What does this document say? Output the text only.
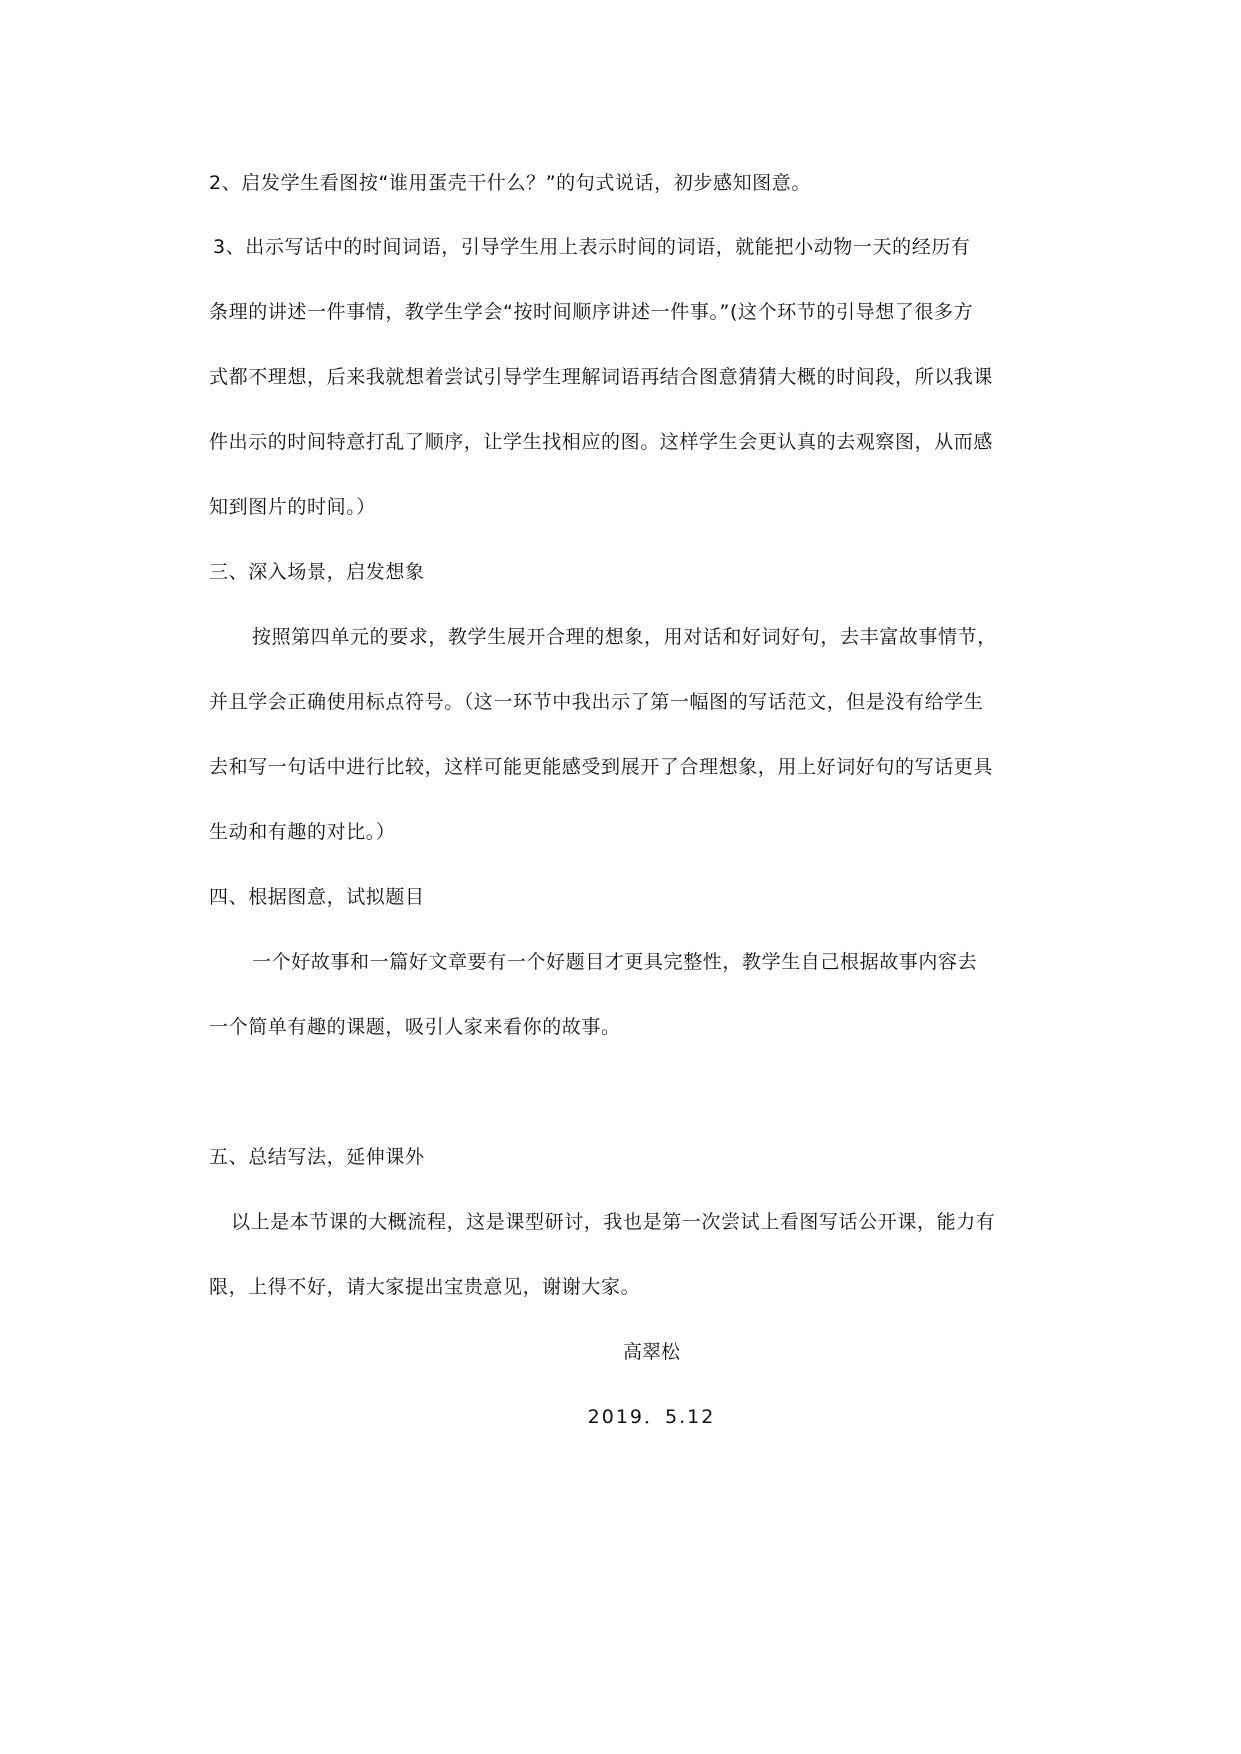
2、启发学生看图按“谁用蛋壳干什么？”的句式说话，初步感知图意。
3、出示写话中的时间词语，引导学生用上表示时间的词语，就能把小动物一天的经历有
条理的讲述一件事情，教学生学会“按时间顺序讲述一件事。”(这个环节的引导想了很多方
式都不理想，后来我就想着尝试引导学生理解词语再结合图意猜猜大概的时间段，所以我课
件出示的时间特意打乱了顺序，让学生找相应的图。这样学生会更认真的去观察图，从而感
知到图片的时间。）
三、深入场景，启发想象
按照第四单元的要求，教学生展开合理的想象，用对话和好词好句，去丰富故事情节，
并且学会正确使用标点符号。（这一环节中我出示了第一幅图的写话范文，但是没有给学生
去和写一句话中进行比较，这样可能更能感受到展开了合理想象，用上好词好句的写话更具
生动和有趣的对比。）
四、根据图意，试拟题目
一个好故事和一篇好文章要有一个好题目才更具完整性，教学生自己根据故事内容去
一个简单有趣的课题，吸引人家来看你的故事。
五、总结写法，延伸课外
以上是本节课的大概流程，这是课型研讨，我也是第一次尝试上看图写话公开课，能力有
限，上得不好，请大家提出宝贵意见，谢谢大家。
高翠松
2019．5.12
